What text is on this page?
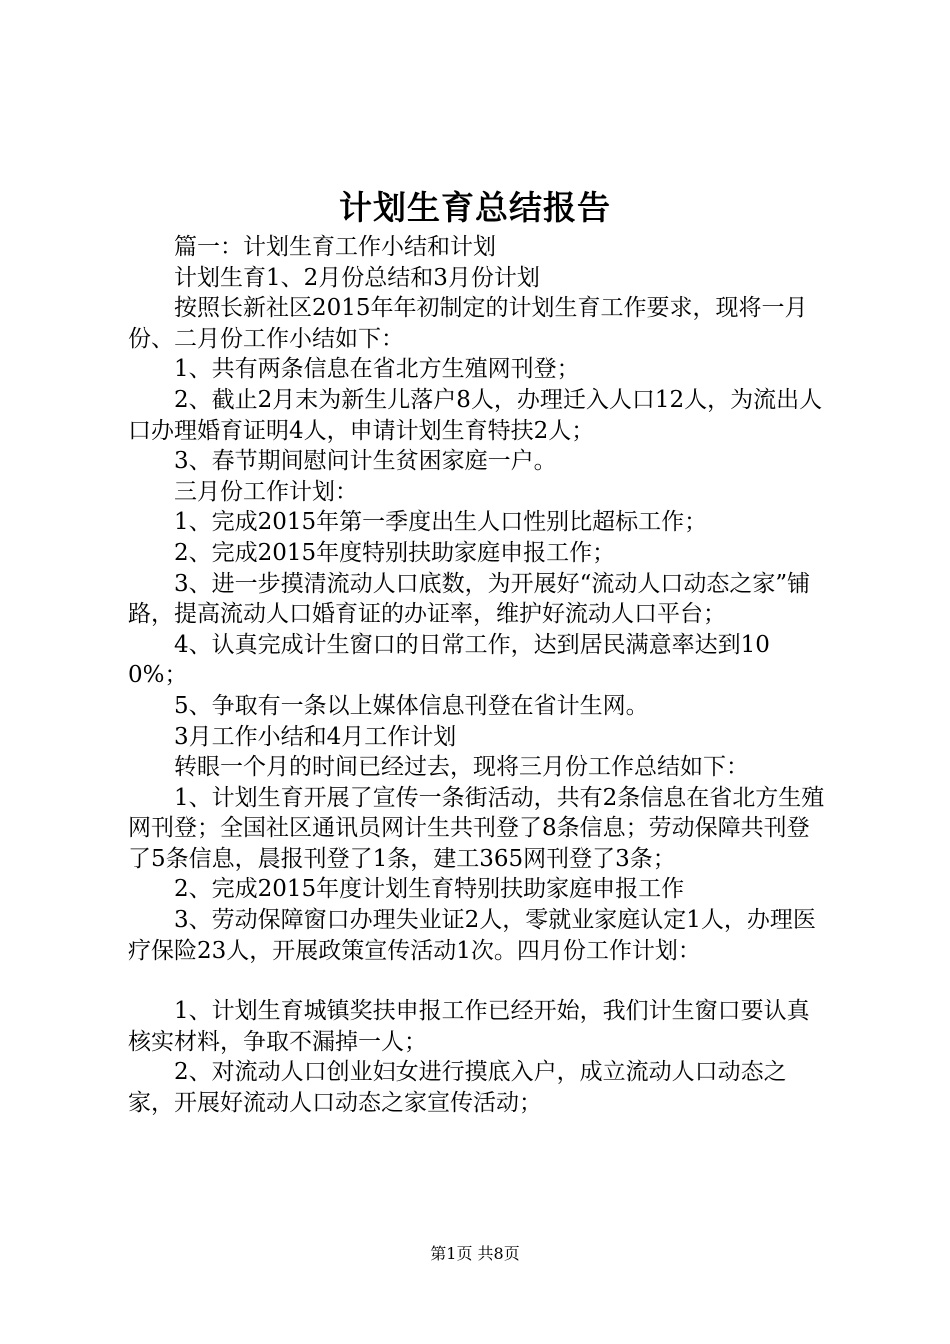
计划生育总结报告

篇一：计划生育工作小结和计划

计划生育1、2月份总结和3月份计划

按照长新社区2015年年初制定的计划生育工作要求，现将一月份、二月份工作小结如下：

1、共有两条信息在省北方生殖网刊登；

2、截止2月末为新生儿落户8人，办理迁入人口12人，为流出人口办理婚育证明4人，申请计划生育特扶2人；

3、春节期间慰问计生贫困家庭一户。

三月份工作计划：

1、完成2015年第一季度出生人口性别比超标工作；

2、完成2015年度特别扶助家庭申报工作；

3、进一步摸清流动人口底数，为开展好“流动人口动态之家”铺路，提高流动人口婚育证的办证率，维护好流动人口平台；

4、认真完成计生窗口的日常工作，达到居民满意率达到100%；

5、争取有一条以上媒体信息刊登在省计生网。

3月工作小结和4月工作计划

转眼一个月的时间已经过去，现将三月份工作总结如下：

1、计划生育开展了宣传一条街活动，共有2条信息在省北方生殖网刊登；全国社区通讯员网计生共刊登了8条信息；劳动保障共刊登了5条信息，晨报刊登了1条，建工365网刊登了3条；

2、完成2015年度计划生育特别扶助家庭申报工作

3、劳动保障窗口办理失业证2人，零就业家庭认定1人，办理医疗保险23人，开展政策宣传活动1次。四月份工作计划：

1、计划生育城镇奖扶申报工作已经开始，我们计生窗口要认真核实材料，争取不漏掉一人；

2、对流动人口创业妇女进行摸底入户，成立流动人口动态之家，开展好流动人口动态之家宣传活动；

第1页 共8页
